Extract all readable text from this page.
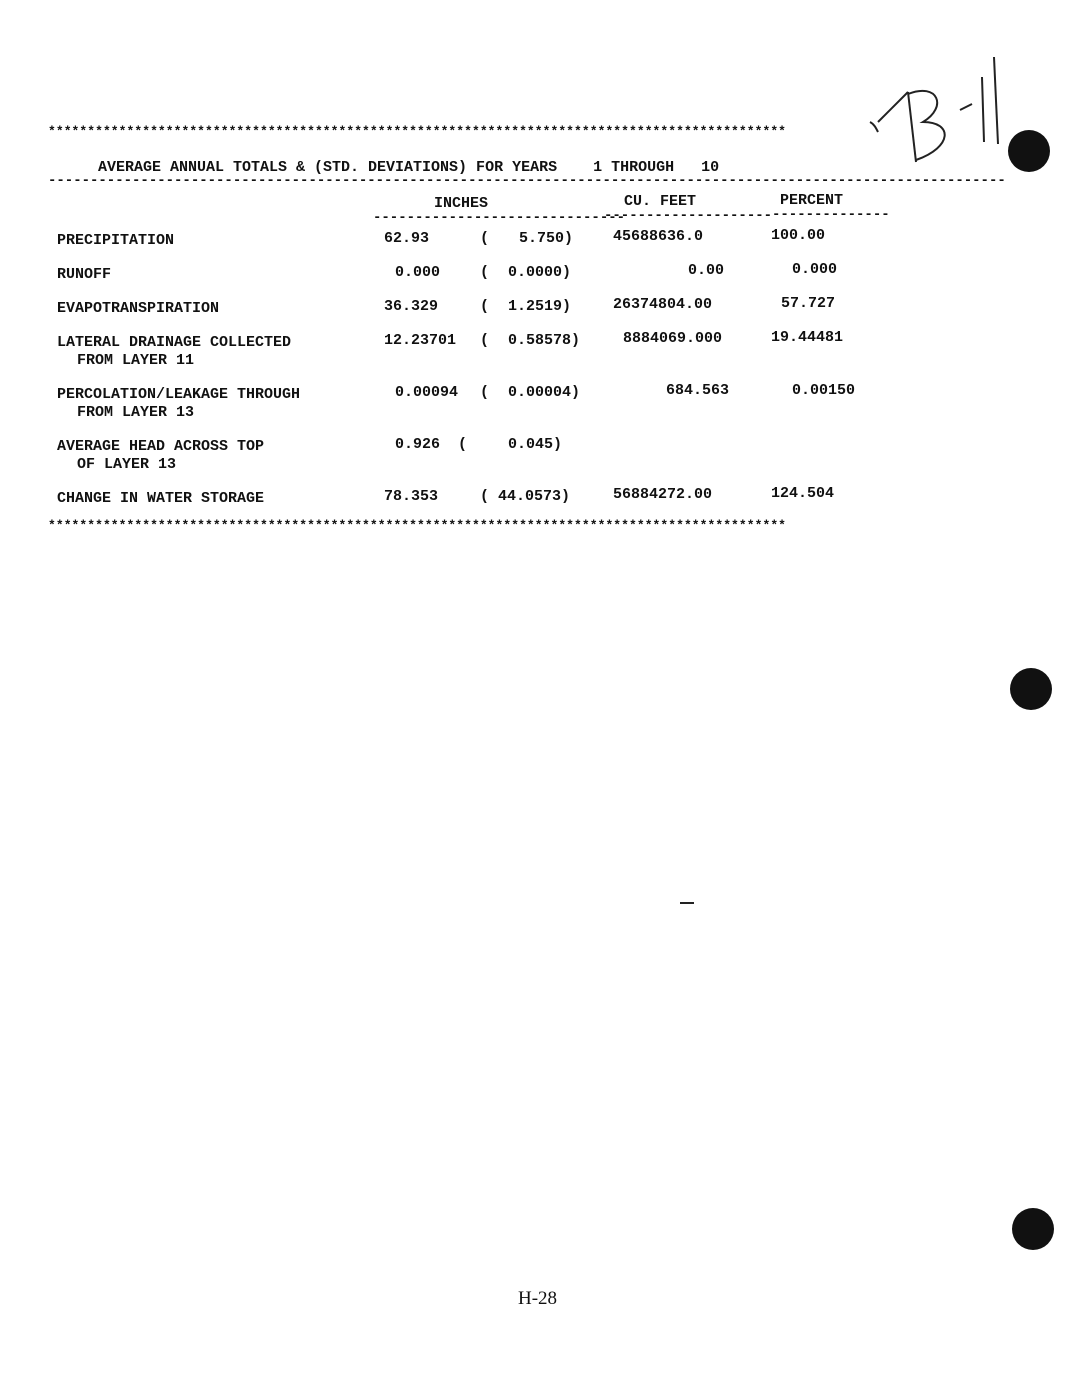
**********************************************************************************************
AVERAGE ANNUAL TOTALS & (STD. DEVIATIONS) FOR YEARS    1 THROUGH   10
------------------------------------------------------------------------------------------------------------------
INCHES	CU. FEET	PERCENT
------------------------------
-------------------- --------------
PRECIPITATION	62.93	( 5.750)	45688636.0	100.00
RUNOFF	0.000	( 0.0000)	0.00	0.000
EVAPOTRANSPIRATION	36.329	( 1.2519)	26374804.00	57.727
LATERAL DRAINAGE COLLECTED
FROM LAYER 11
12.23701 ( 0.58578)	8884069.000	19.44481
PERCOLATION/LEAKAGE THROUGH
FROM LAYER 13
0.00094 ( 0.00004)	684.563	0.00150
AVERAGE HEAD ACROSS TOP
OF LAYER 13
0.926 (	0.045)
CHANGE IN WATER STORAGE	78.353	( 44.0573)	56884272.00	124.504
**********************************************************************************************
H-28
